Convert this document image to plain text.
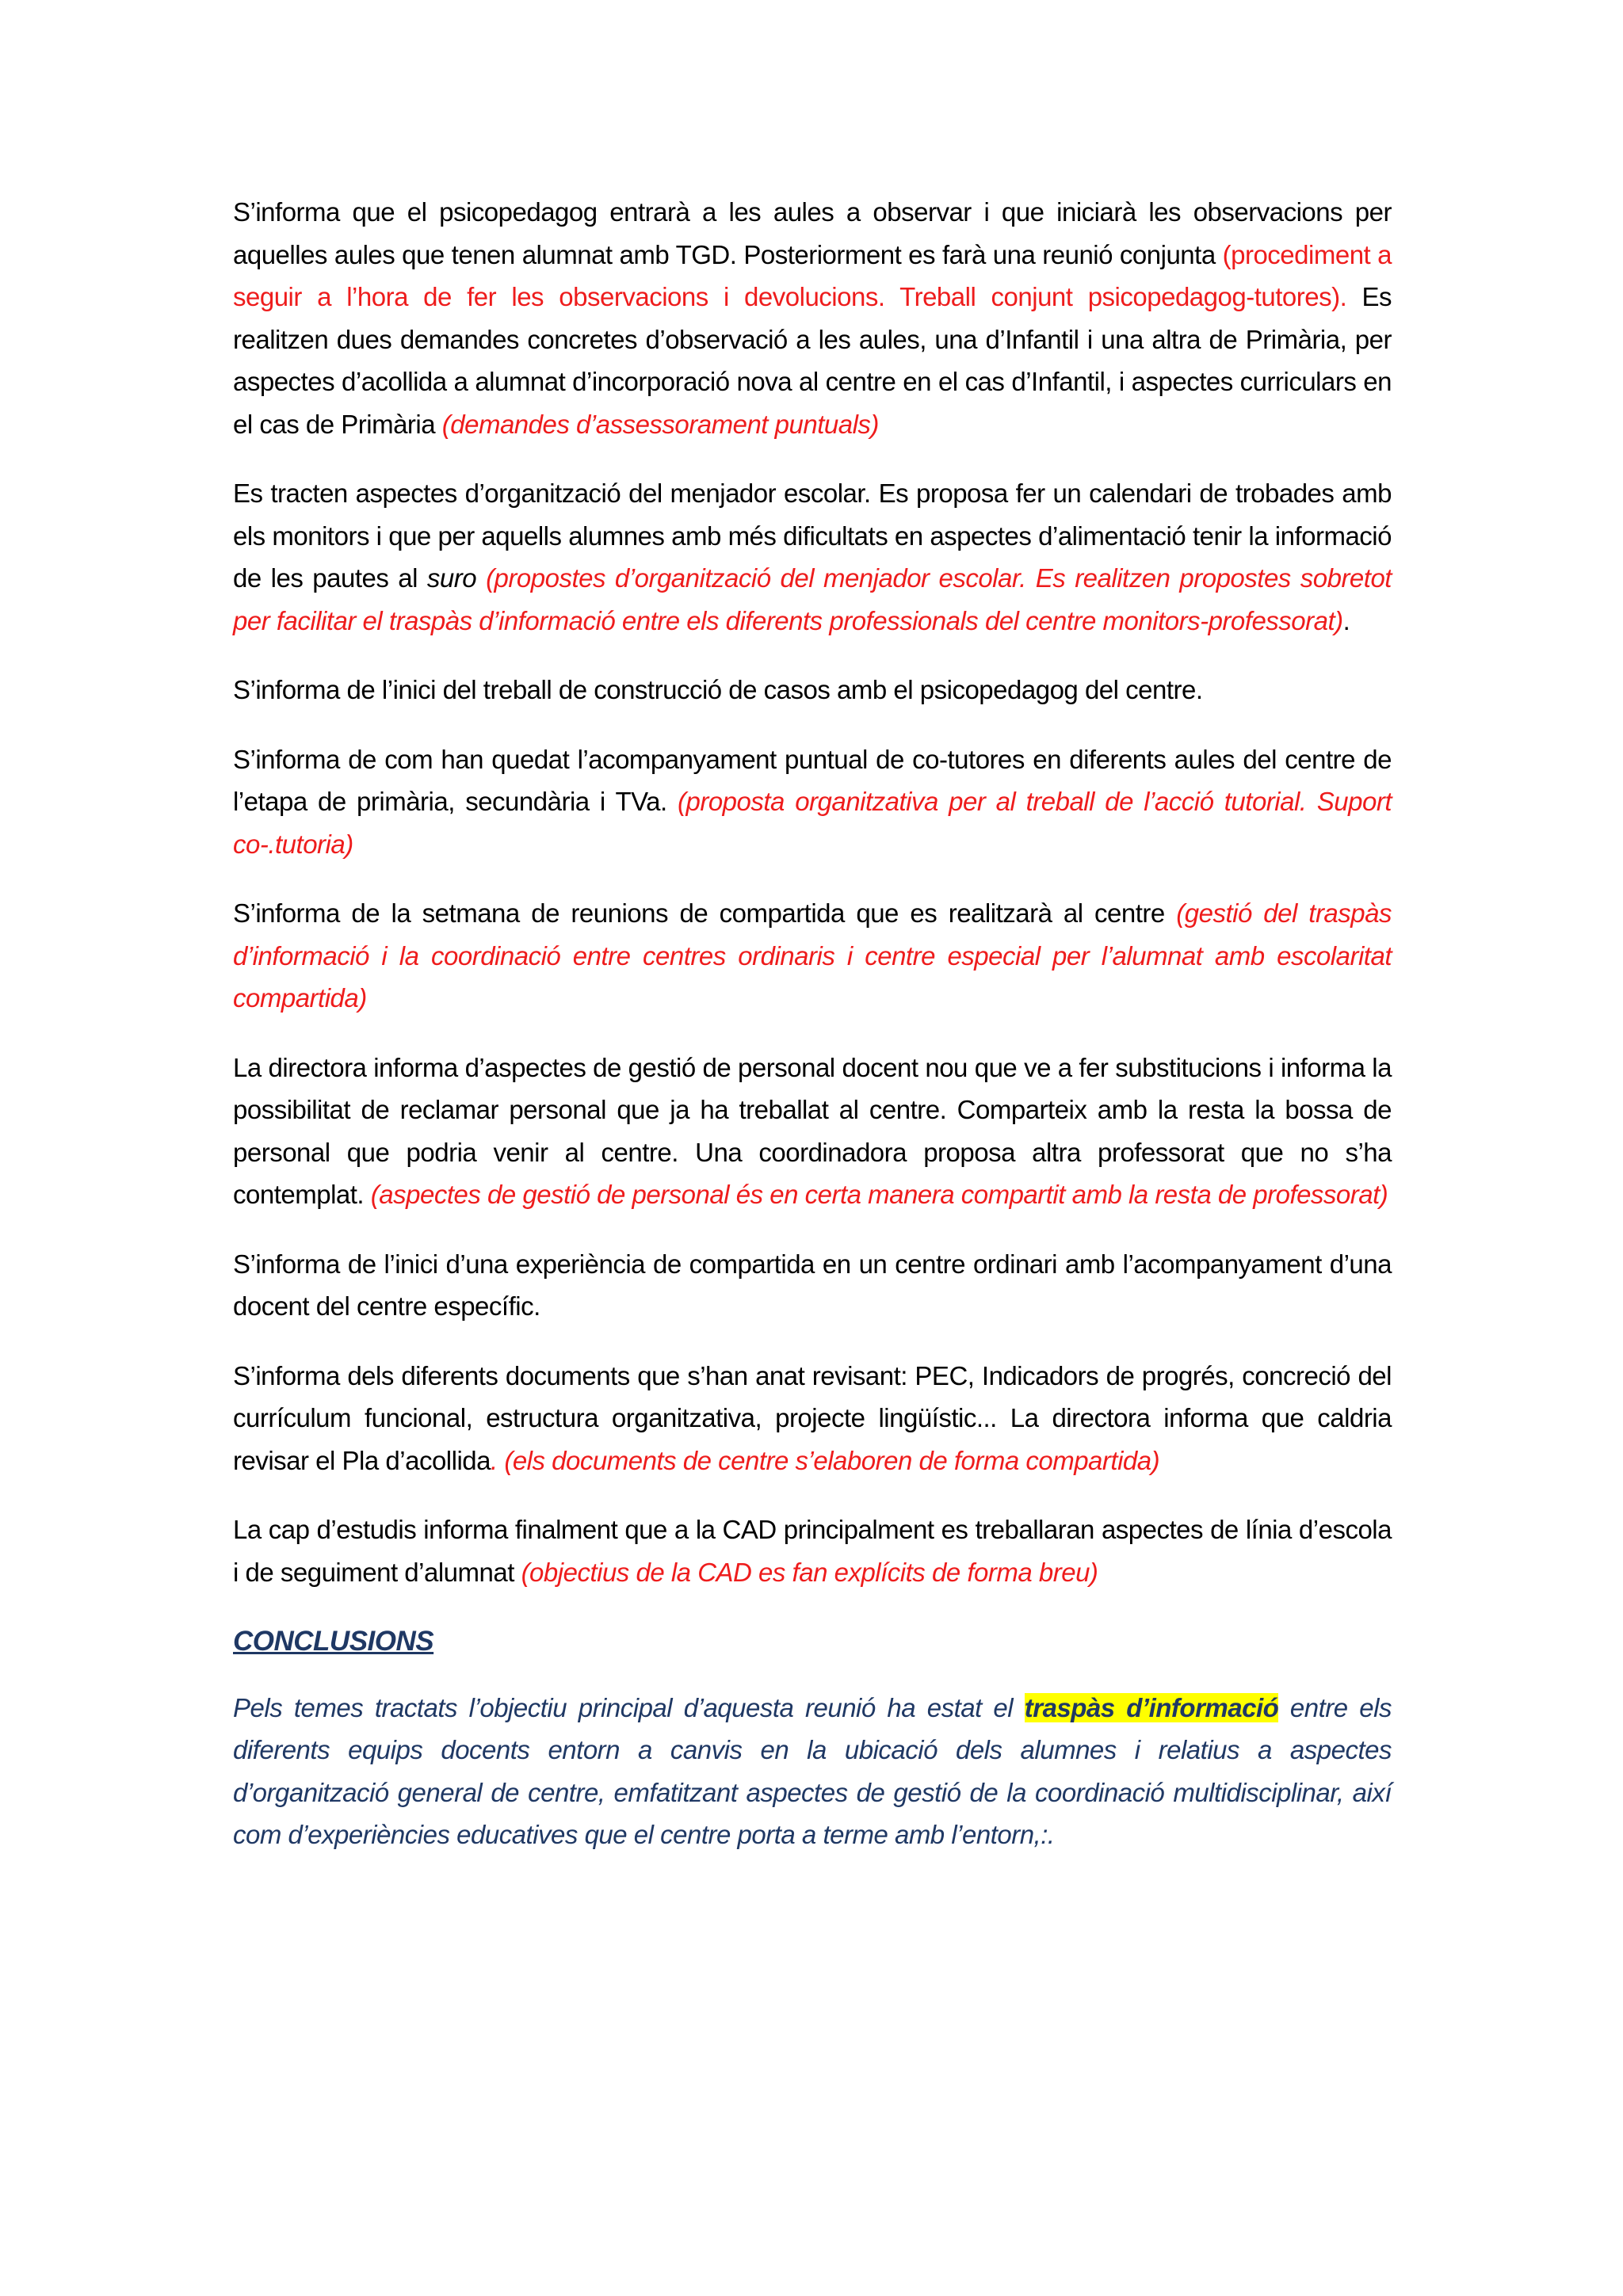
S’informa que el psicopedagog entrarà a les aules a observar i que iniciarà les observacions per aquelles aules que tenen alumnat amb TGD. Posteriorment es farà una reunió conjunta (procediment a seguir a l’hora de fer les observacions i devolucions. Treball conjunt psicopedagog-tutores). Es realitzen dues demandes concretes d’observació a les aules, una d’Infantil i una altra de Primària, per aspectes d’acollida a alumnat d’incorporació nova al centre en el cas d’Infantil, i aspectes curriculars en el cas de Primària (demandes d’assessorament puntuals)

Es tracten aspectes d’organització del menjador escolar. Es proposa fer un calendari de trobades amb els monitors i que per aquells alumnes amb més dificultats en aspectes d’alimentació tenir la informació de les pautes al suro (propostes d’organització del menjador escolar. Es realitzen propostes sobretot per facilitar el traspàs d’informació entre els diferents professionals del centre monitors-professorat).

S’informa de l’inici del treball de construcció de casos amb el psicopedagog del centre.

S’informa de com han quedat l’acompanyament puntual de co-tutores en diferents aules del centre de l’etapa de primària, secundària i TVa. (proposta organitzativa per al treball de l’acció tutorial. Suport co-.tutoria)

S’informa de la setmana de reunions de compartida que es realitzarà al centre (gestió del traspàs d’informació i la coordinació entre centres ordinaris i centre especial per l’alumnat amb escolaritat compartida)

La directora informa d’aspectes de gestió de personal docent nou que ve a fer substitucions i informa la possibilitat de reclamar personal que ja ha treballat al centre. Comparteix amb la resta la bossa de personal que podria venir al centre. Una coordinadora proposa altra professorat que no s’ha contemplat. (aspectes de gestió de personal és en certa manera compartit amb la resta de professorat)

S’informa de l’inici d’una experiència de compartida en un centre ordinari amb l’acompanyament d’una docent del centre específic.

S’informa dels diferents documents que s’han anat revisant: PEC, Indicadors de progrés, concreció del currículum funcional, estructura organitzativa, projecte lingüístic... La directora informa que caldria revisar el Pla d’acollida. (els documents de centre s’elaboren de forma compartida)

La cap d’estudis informa finalment que a la CAD principalment es treballaran aspectes de línia d’escola i de seguiment d’alumnat (objectius de la CAD es fan explícits de forma breu)

CONCLUSIONS

Pels temes tractats l’objectiu principal d’aquesta reunió ha estat el traspàs d’informació entre els diferents equips docents entorn a canvis en la ubicació dels alumnes i relatius a aspectes d’organització general de centre, emfatitzant aspectes de gestió de la coordinació multidisciplinar, així com d’experiències educatives que el centre porta a terme amb l’entorn,:.
